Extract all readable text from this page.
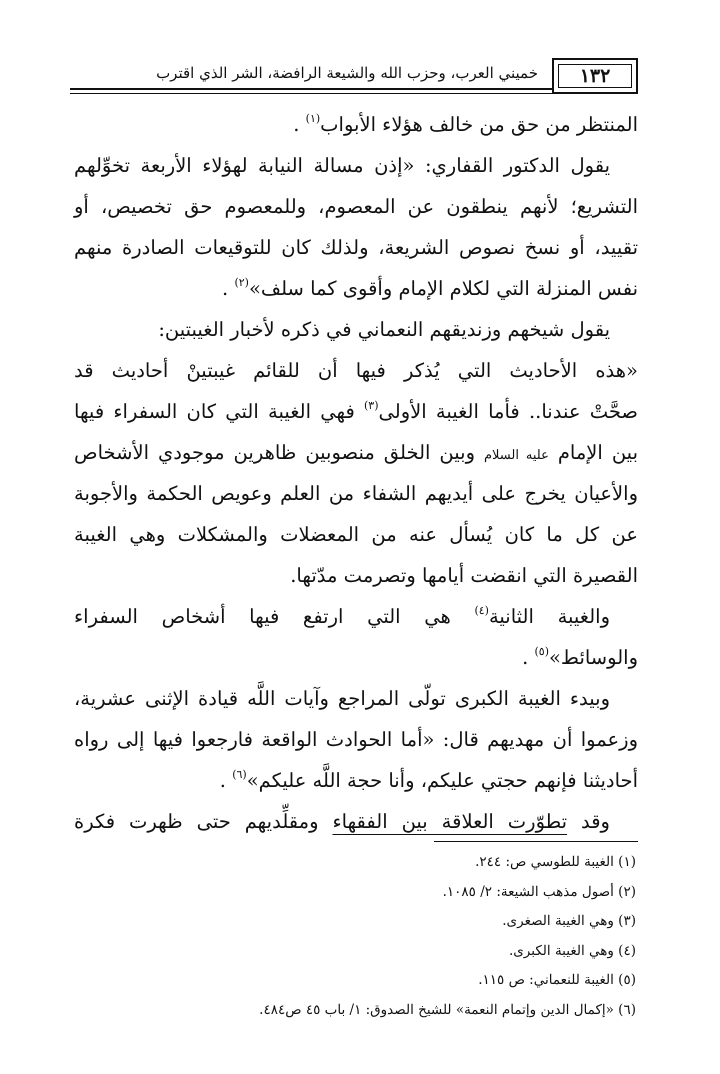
خميني العرب، وحزب الله والشيعة الرافضة، الشر الذي اقترب	١٣٢
المنتظر من حق من خالف هؤلاء الأبواب$^{(١)}$ .
يقول الدكتور القفاري: «إذن مسالة النيابة لهؤلاء الأربعة تخوِّلهم
التشريع؛ لأنهم ينطقون عن المعصوم، وللمعصوم حق تخصيص، أو
تقييد، أو نسخ نصوص الشريعة، ولذلك كان للتوقيعات الصادرة منهم
نفس المنزلة التي لكلام الإمام وأقوى كما سلف»$^{(٢)}$ .
يقول شيخهم وزنديقهم النعماني في ذكره لأخبار الغيبتين:
«هذه الأحاديث التي يُذكر فيها أن للقائم غيبتينْ أحاديث قد
صحَّتْ عندنا.. فأما الغيبة الأولى$^{(٣)}$ فهي الغيبة التي كان السفراء فيها
بين الإمام عليه السلام وبين الخلق منصوبين ظاهرين موجودي الأشخاص
والأعيان يخرج على أيديهم الشفاء من العلم وعويص الحكمة والأجوبة
عن كل ما كان يُسأل عنه من المعضلات والمشكلات وهي الغيبة
القصيرة التي انقضت أيامها وتصرمت مدّتها.
والغيبة الثانية$^{(٤)}$ هي التي ارتفع فيها أشخاص السفراء
والوسائط»$^{(٥)}$ .
وبيدء الغيبة الكبرى تولّى المراجع وآيات اللَّه قيادة الإثنى عشرية،
وزعموا أن مهديهم قال: «أما الحوادث الواقعة فارجعوا فيها إلى رواه
أحاديثنا فإنهم حجتي عليكم، وأنا حجة اللَّه عليكم»$^{(٦)}$ .
وقد تطوّرت العلاقة بين الفقهاء ومقلِّديهم حتى ظهرت فكرة
(١) الغيبة للطوسي ص: ٢٤٤.
(٢) أصول مذهب الشيعة: ٢/ ١٠٨٥.
(٣) وهي الغيبة الصغرى.
(٤) وهي الغيبة الكبرى.
(٥) الغيبة للنعماني: ص ١١٥.
(٦) «إكمال الدين وإتمام النعمة» للشيخ الصدوق: ١/ باب ٤٥ ص٤٨٤.
